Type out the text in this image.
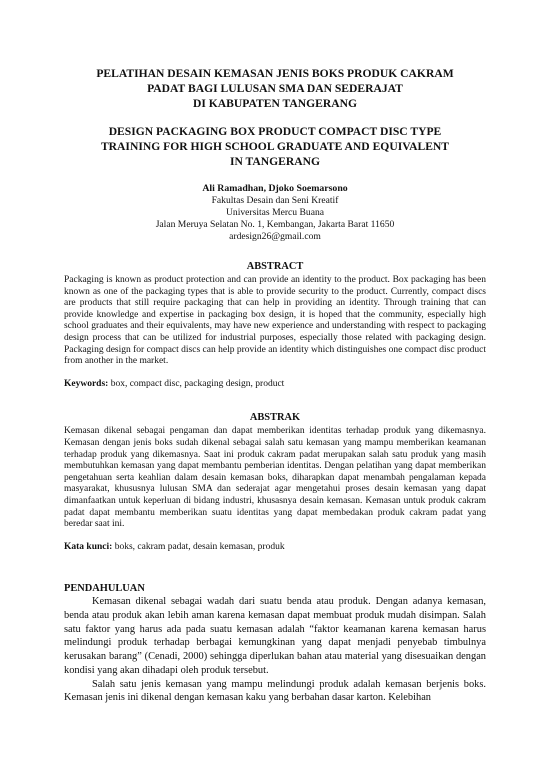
PELATIHAN DESAIN KEMASAN JENIS BOKS PRODUK CAKRAM
PADAT BAGI LULUSAN SMA DAN SEDERAJAT
DI KABUPATEN TANGERANG
DESIGN PACKAGING BOX PRODUCT COMPACT DISC TYPE
TRAINING FOR HIGH SCHOOL GRADUATE AND EQUIVALENT
IN TANGERANG
Ali Ramadhan, Djoko Soemarsono
Fakultas Desain dan Seni Kreatif
Universitas Mercu Buana
Jalan Meruya Selatan No. 1, Kembangan, Jakarta Barat 11650
ardesign26@gmail.com
ABSTRACT

Packaging is known as product protection and can provide an identity to the product. Box packaging has been known as one of the packaging types that is able to provide security to the product. Currently, compact discs are products that still require packaging that can help in providing an identity. Through training that can provide knowledge and expertise in packaging box design, it is hoped that the community, especially high school graduates and their equivalents, may have new experience and understanding with respect to packaging design process that can be utilized for industrial purposes, especially those related with packaging design. Packaging design for compact discs can help provide an identity which distinguishes one compact disc product from another in the market.

Keywords: box, compact disc, packaging design, product
ABSTRAK

Kemasan dikenal sebagai pengaman dan dapat memberikan identitas terhadap produk yang dikemasnya. Kemasan dengan jenis boks sudah dikenal sebagai salah satu kemasan yang mampu memberikan keamanan terhadap produk yang dikemasnya. Saat ini produk cakram padat merupakan salah satu produk yang masih membutuhkan kemasan yang dapat membantu pemberian identitas. Dengan pelatihan yang dapat memberikan pengetahuan serta keahlian dalam desain kemasan boks, diharapkan dapat menambah pengalaman kepada masyarakat, khususnya lulusan SMA dan sederajat agar mengetahui proses desain kemasan yang dapat dimanfaatkan untuk keperluan di bidang industri, khusasnya desain kemasan. Kemasan untuk produk cakram padat dapat membantu memberikan suatu identitas yang dapat membedakan produk cakram padat yang beredar saat ini.

Kata kunci: boks, cakram padat, desain kemasan, produk
PENDAHULUAN

Kemasan dikenal sebagai wadah dari suatu benda atau produk. Dengan adanya kemasan, benda atau produk akan lebih aman karena kemasan dapat membuat produk mudah disimpan. Salah satu faktor yang harus ada pada suatu kemasan adalah “faktor keamanan karena kemasan harus melindungi produk terhadap berbagai kemungkinan yang dapat menjadi penyebab timbulnya kerusakan barang” (Cenadi, 2000) sehingga diperlukan bahan atau material yang disesuaikan dengan kondisi yang akan dihadapi oleh produk tersebut.

Salah satu jenis kemasan yang mampu melindungi produk adalah kemasan berjenis boks. Kemasan jenis ini dikenal dengan kemasan kaku yang berbahan dasar karton. Kelebihan
